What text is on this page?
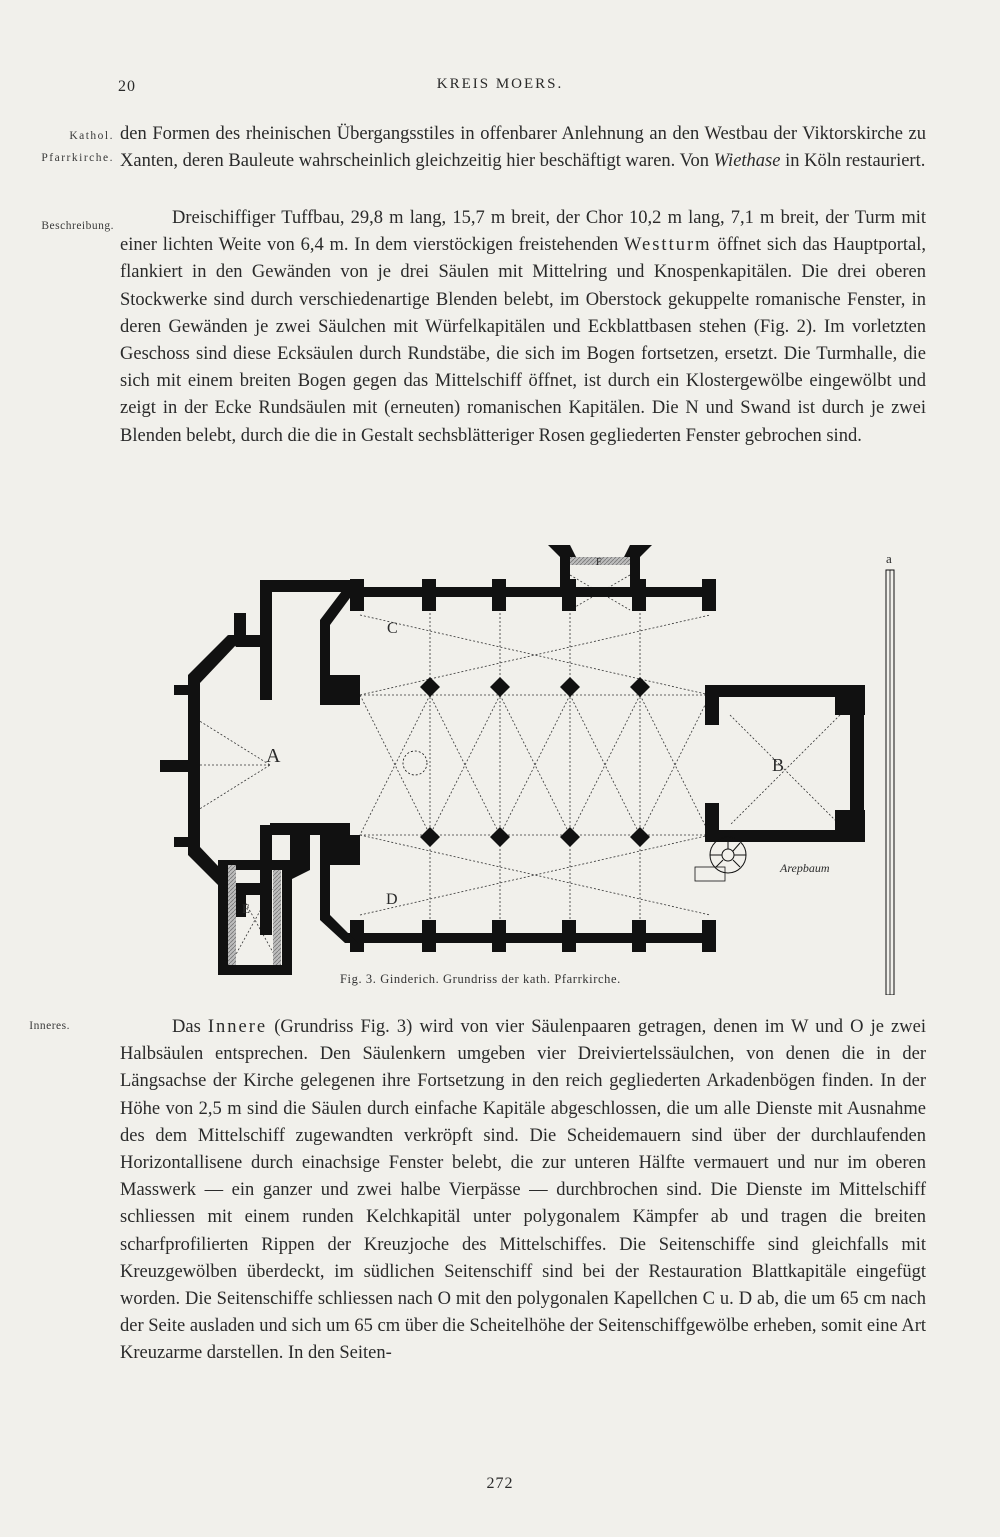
20	KREIS MOERS.
Kathol.
Pfarrkirche.
Beschreibung.
Inneres.

den Formen des rheinischen Übergangsstiles in offenbarer Anlehnung an den Westbau der Viktorskirche zu Xanten, deren Bauleute wahrscheinlich gleichzeitig hier beschäftigt waren. Von Wiethase in Köln restauriert.

Dreischiffiger Tuffbau, 29,8 m lang, 15,7 m breit, der Chor 10,2 m lang, 7,1 m breit, der Turm mit einer lichten Weite von 6,4 m. In dem vierstöckigen freistehenden Westturm öffnet sich das Hauptportal, flankiert in den Gewänden von je drei Säulen mit Mittelring und Knospenkapitälen. Die drei oberen Stockwerke sind durch verschiedenartige Blenden belebt, im Oberstock gekuppelte romanische Fenster, in deren Gewänden je zwei Säulchen mit Würfelkapitälen und Eckblattbasen stehen (Fig. 2). Im vorletzten Geschoss sind diese Ecksäulen durch Rundstäbe, die sich im Bogen fortsetzen, ersetzt. Die Turmhalle, die sich mit einem breiten Bogen gegen das Mittelschiff öffnet, ist durch ein Klostergewölbe eingewölbt und zeigt in der Ecke Rundsäulen mit (erneuten) romanischen Kapitälen. Die N und Swand ist durch je zwei Blenden belebt, durch die die in Gestalt sechsblätteriger Rosen gegliederten Fenster gebrochen sind.

A	B
C
D
E
F	a
Arepbaum
Fig. 3. Ginderich. Grundriss der kath. Pfarrkirche.

Das Innere (Grundriss Fig. 3) wird von vier Säulenpaaren getragen, denen im W und O je zwei Halbsäulen entsprechen. Den Säulenkern umgeben vier Dreiviertelssäulchen, von denen die in der Längsachse der Kirche gelegenen ihre Fortsetzung in den reich gegliederten Arkadenbögen finden. In der Höhe von 2,5 m sind die Säulen durch einfache Kapitäle abgeschlossen, die um alle Dienste mit Ausnahme des dem Mittelschiff zugewandten verkröpft sind. Die Scheidemauern sind über der durchlaufenden Horizontallisene durch einachsige Fenster belebt, die zur unteren Hälfte vermauert und nur im oberen Masswerk — ein ganzer und zwei halbe Vierpässe — durchbrochen sind. Die Dienste im Mittelschiff schliessen mit einem runden Kelchkapitäl unter polygonalem Kämpfer ab und tragen die breiten scharfprofilierten Rippen der Kreuzjoche des Mittelschiffes. Die Seitenschiffe sind gleichfalls mit Kreuzgewölben überdeckt, im südlichen Seitenschiff sind bei der Restauration Blattkapitäle eingefügt worden. Die Seitenschiffe schliessen nach O mit den polygonalen Kapellchen C u. D ab, die um 65 cm nach der Seite ausladen und sich um 65 cm über die Scheitelhöhe der Seitenschiffgewölbe erheben, somit eine Art Kreuzarme darstellen. In den Seiten-

272
